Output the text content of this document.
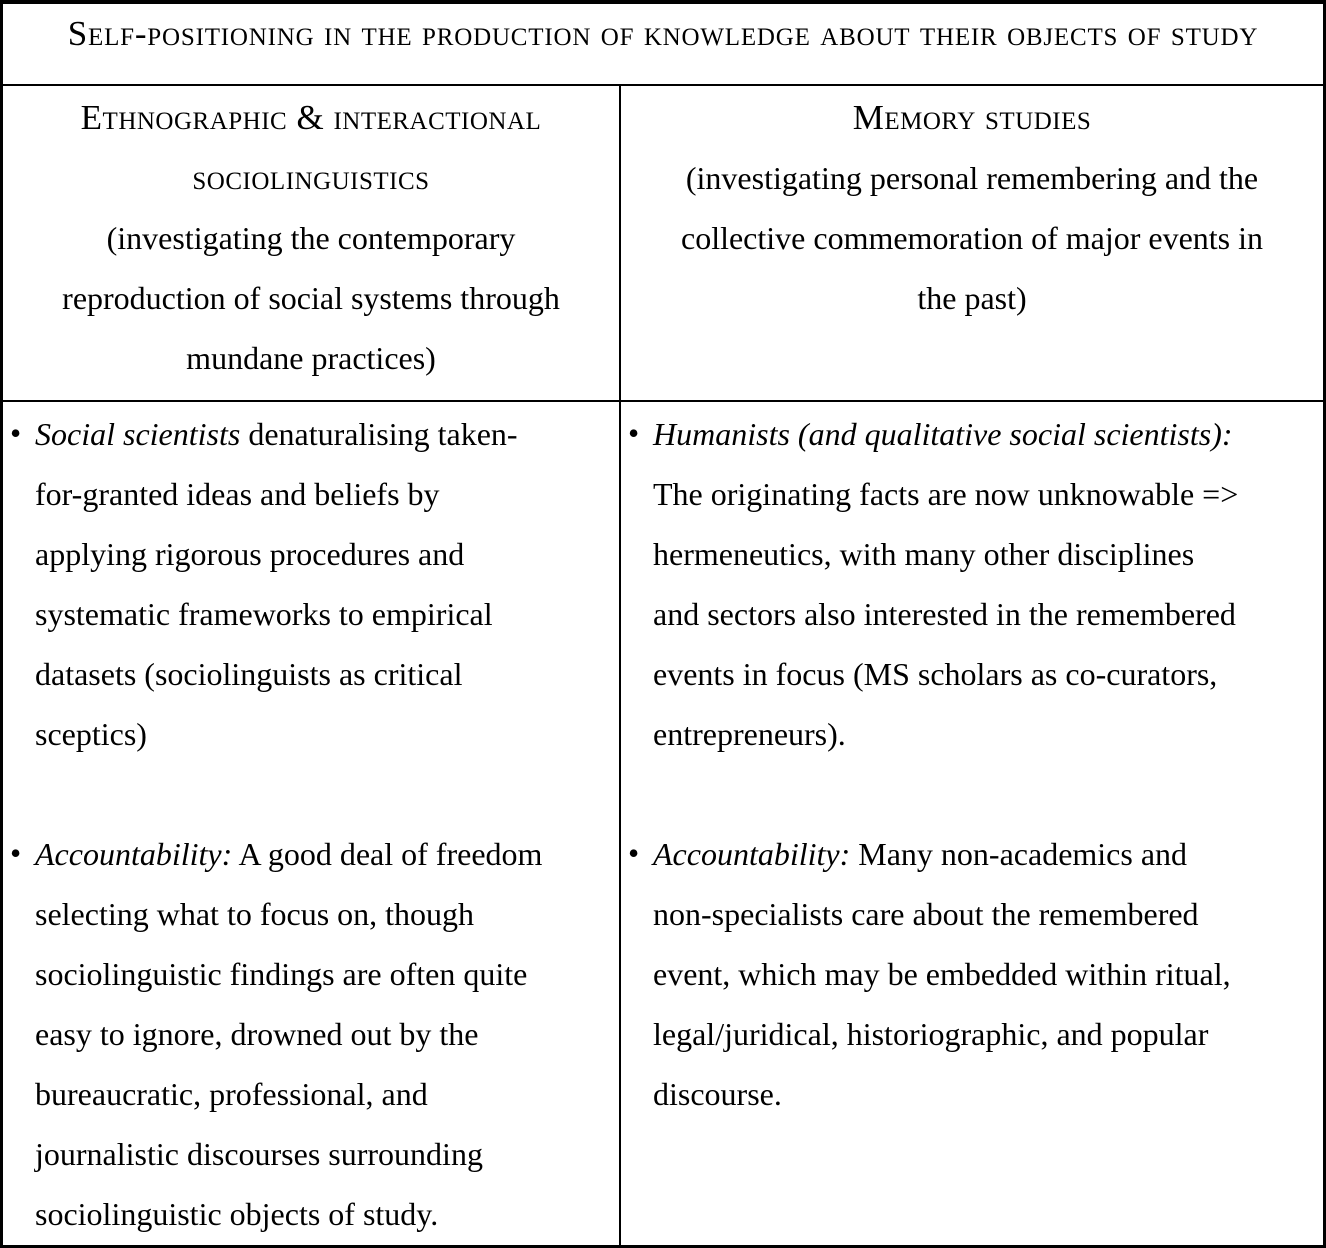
Self-positioning in the production of knowledge about their objects of study
Ethnographic & interactional
sociolinguistics
(investigating the contemporary
reproduction of social systems through
mundane practices)
Memory studies
(investigating personal remembering and the
collective commemoration of major events in
the past)
• Social scientists denaturalising taken-
for-granted ideas and beliefs by
applying rigorous procedures and
systematic frameworks to empirical
datasets (sociolinguists as critical
sceptics)
• Accountability: A good deal of freedom
selecting what to focus on, though
sociolinguistic findings are often quite
easy to ignore, drowned out by the
bureaucratic, professional, and
journalistic discourses surrounding
sociolinguistic objects of study.
• Humanists (and qualitative social scientists):
The originating facts are now unknowable =>
hermeneutics, with many other disciplines
and sectors also interested in the remembered
events in focus (MS scholars as co-curators,
entrepreneurs).
• Accountability: Many non-academics and
non-specialists care about the remembered
event, which may be embedded within ritual,
legal/juridical, historiographic, and popular
discourse.
